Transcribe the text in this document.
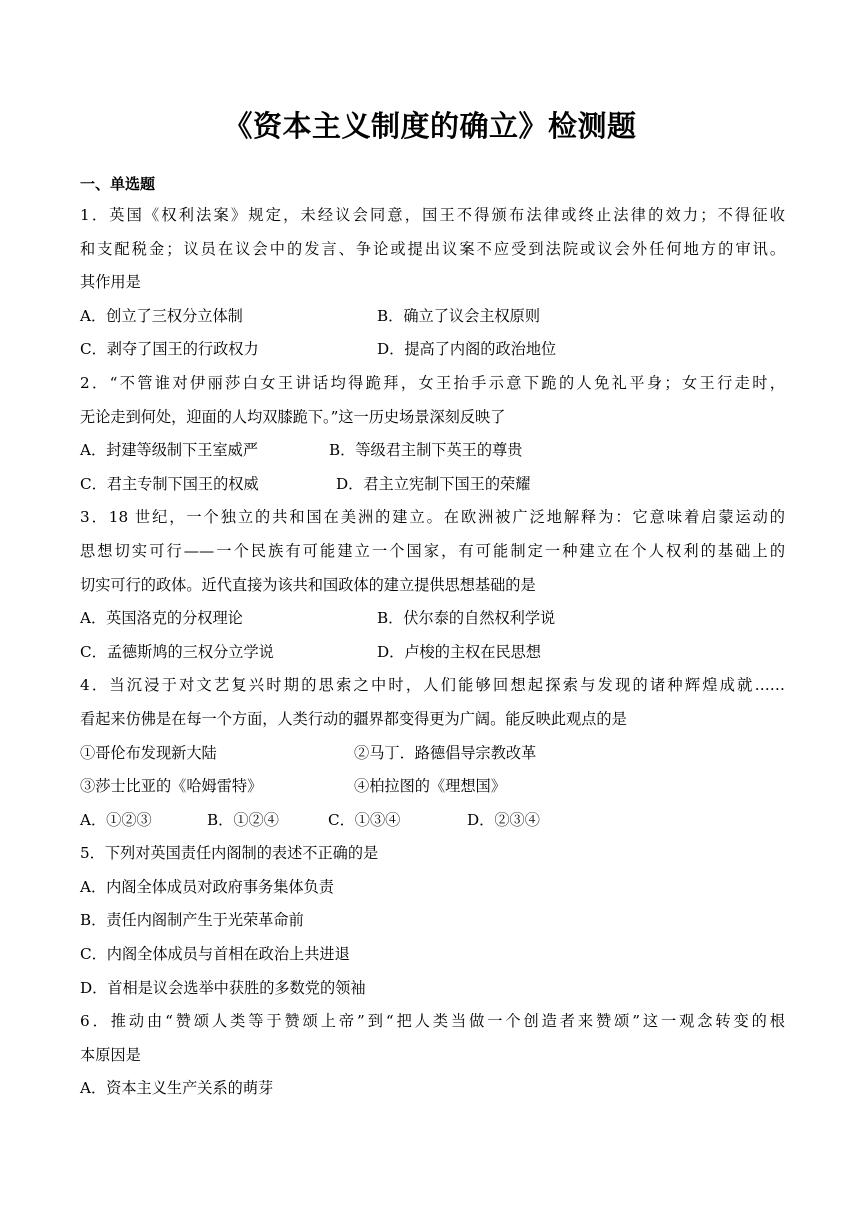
《资本主义制度的确立》检测题
一、单选题
1．英国《权利法案》规定，未经议会同意，国王不得颁布法律或终止法律的效力；不得征收
和支配税金；议员在议会中的发言、争论或提出议案不应受到法院或议会外任何地方的审讯。
其作用是
A．创立了三权分立体制	B．确立了议会主权原则
C．剥夺了国王的行政权力	D．提高了内阁的政治地位
2．“不管谁对伊丽莎白女王讲话均得跪拜，女王抬手示意下跪的人免礼平身；女王行走时，
无论走到何处，迎面的人均双膝跪下。”这一历史场景深刻反映了
A．封建等级制下王室威严	B．等级君主制下英王的尊贵
C．君主专制下国王的权威	D．君主立宪制下国王的荣耀
3．18 世纪，一个独立的共和国在美洲的建立。在欧洲被广泛地解释为：它意味着启蒙运动的
思想切实可行——一个民族有可能建立一个国家，有可能制定一种建立在个人权利的基础上的
切实可行的政体。近代直接为该共和国政体的建立提供思想基础的是
A．英国洛克的分权理论	B．伏尔泰的自然权利学说
C．孟德斯鸠的三权分立学说	D．卢梭的主权在民思想
4．当沉浸于对文艺复兴时期的思索之中时，人们能够回想起探索与发现的诸种辉煌成就……
看起来仿佛是在每一个方面，人类行动的疆界都变得更为广阔。能反映此观点的是
①哥伦布发现新大陆	②马丁．路德倡导宗教改革
③莎士比亚的《哈姆雷特》	④柏拉图的《理想国》
A．①②③	B．①②④	C．①③④	D．②③④
5．下列对英国责任内阁制的表述不正确的是
A．内阁全体成员对政府事务集体负责
B．责任内阁制产生于光荣革命前
C．内阁全体成员与首相在政治上共进退
D．首相是议会选举中获胜的多数党的领袖
6．推动由“赞颂人类等于赞颂上帝”到“把人类当做一个创造者来赞颂”这一观念转变的根
本原因是
A．资本主义生产关系的萌芽
